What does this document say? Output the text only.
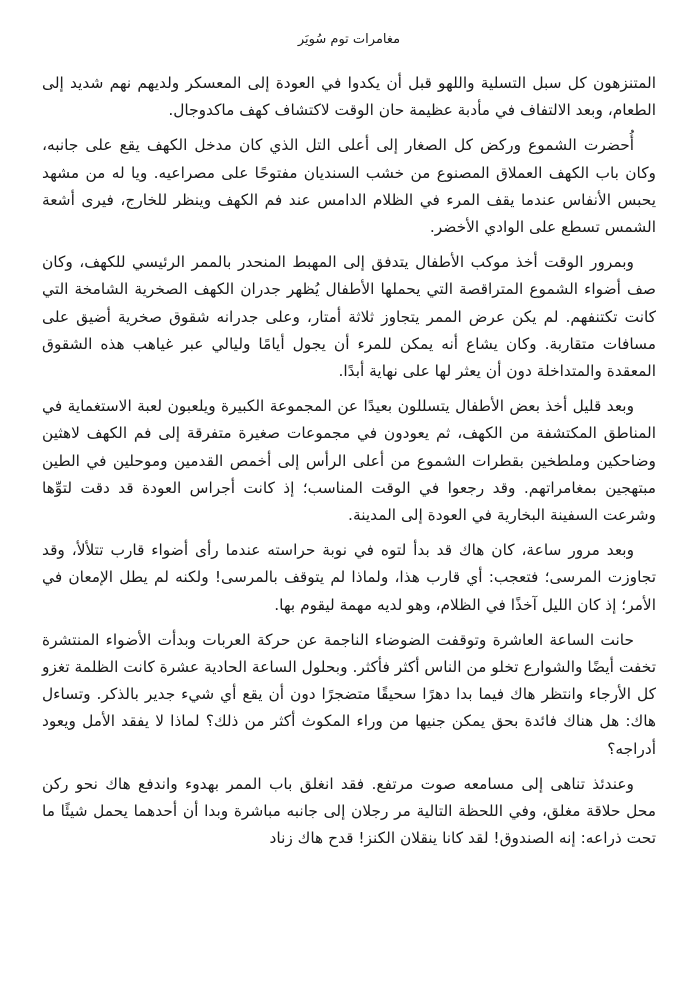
مغامرات توم سُويَر

المتنزهون كل سبل التسلية واللهو قبل أن يكدوا في العودة إلى المعسكر ولديهم نهم شديد إلى الطعام، وبعد الالتفاف في مأدبة عظيمة حان الوقت لاكتشاف كهف ماكدوجال.

أُحضرت الشموع وركض كل الصغار إلى أعلى التل الذي كان مدخل الكهف يقع على جانبه، وكان باب الكهف العملاق المصنوع من خشب السنديان مفتوحًا على مصراعيه. ويا له من مشهد يحبس الأنفاس عندما يقف المرء في الظلام الدامس عند فم الكهف وينظر للخارج، فيرى أشعة الشمس تسطع على الوادي الأخضر.

وبمرور الوقت أخذ موكب الأطفال يتدفق إلى المهبط المنحدر بالممر الرئيسي للكهف، وكان صف أضواء الشموع المتراقصة التي يحملها الأطفال يُظهر جدران الكهف الصخرية الشامخة التي كانت تكتنفهم. لم يكن عرض الممر يتجاوز ثلاثة أمتار، وعلى جدرانه شقوق صخرية أضيق على مسافات متقاربة. وكان يشاع أنه يمكن للمرء أن يجول أيامًا وليالي عبر غياهب هذه الشقوق المعقدة والمتداخلة دون أن يعثر لها على نهاية أبدًا.

وبعد قليل أخذ بعض الأطفال يتسللون بعيدًا عن المجموعة الكبيرة ويلعبون لعبة الاستغماية في المناطق المكتشفة من الكهف، ثم يعودون في مجموعات صغيرة متفرقة إلى فم الكهف لاهثين وضاحكين وملطخين بقطرات الشموع من أعلى الرأس إلى أخمص القدمين وموحلين في الطين مبتهجين بمغامراتهم. وقد رجعوا في الوقت المناسب؛ إذ كانت أجراس العودة قد دقت لتوِّها وشرعت السفينة البخارية في العودة إلى المدينة.

وبعد مرور ساعة، كان هاك قد بدأ لتوه في نوبة حراسته عندما رأى أضواء قارب تتلألأ، وقد تجاوزت المرسى؛ فتعجب: أي قارب هذا، ولماذا لم يتوقف بالمرسى! ولكنه لم يطل الإمعان في الأمر؛ إذ كان الليل آخذًا في الظلام، وهو لديه مهمة ليقوم بها.

حانت الساعة العاشرة وتوقفت الضوضاء الناجمة عن حركة العربات وبدأت الأضواء المنتشرة تخفت أيضًا والشوارع تخلو من الناس أكثر فأكثر. وبحلول الساعة الحادية عشرة كانت الظلمة تغزو كل الأرجاء وانتظر هاك فيما بدا دهرًا سحيقًا متضجرًا دون أن يقع أي شيء جدير بالذكر. وتساءل هاك: هل هناك فائدة بحق يمكن جنيها من وراء المكوث أكثر من ذلك؟ لماذا لا يفقد الأمل ويعود أدراجه؟

وعندئذ تناهى إلى مسامعه صوت مرتفع. فقد انغلق باب الممر بهدوء واندفع هاك نحو ركن محل حلاقة مغلق، وفي اللحظة التالية مر رجلان إلى جانبه مباشرة وبدا أن أحدهما يحمل شيئًا ما تحت ذراعه: إنه الصندوق! لقد كانا ينقلان الكنز! قدح هاك زناد
